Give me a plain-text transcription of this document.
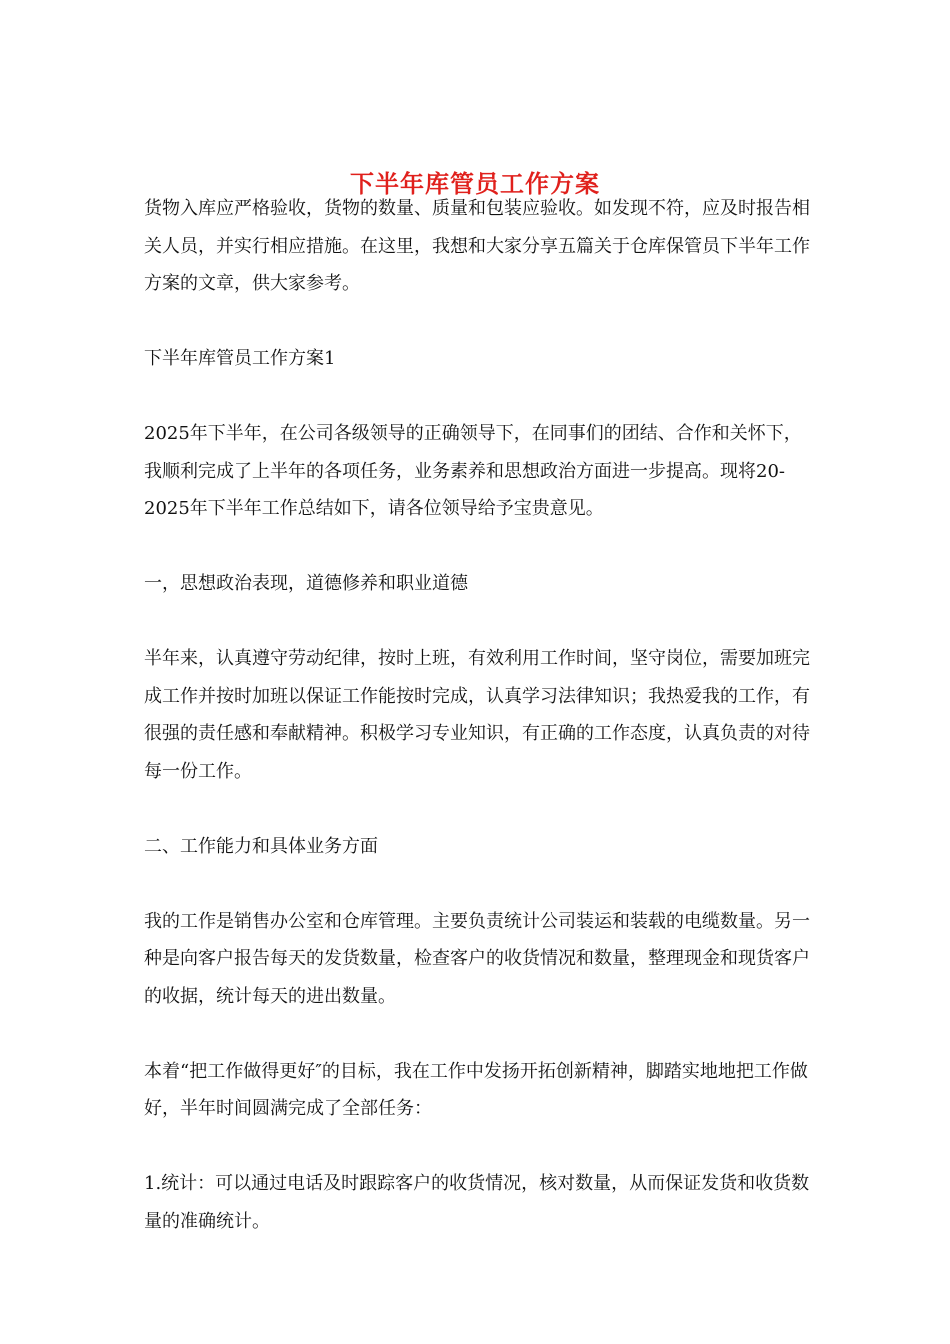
下半年库管员工作方案

货物入库应严格验收，货物的数量、质量和包装应验收。如发现不符，应及时报告相关人员，并实行相应措施。在这里，我想和大家分享五篇关于仓库保管员下半年工作方案的文章，供大家参考。

下半年库管员工作方案1

2025年下半年，在公司各级领导的正确领导下，在同事们的团结、合作和关怀下，我顺利完成了上半年的各项任务，业务素养和思想政治方面进一步提高。现将20-2025年下半年工作总结如下，请各位领导给予宝贵意见。

一，思想政治表现，道德修养和职业道德

半年来，认真遵守劳动纪律，按时上班，有效利用工作时间，坚守岗位，需要加班完成工作并按时加班以保证工作能按时完成，认真学习法律知识；我热爱我的工作，有很强的责任感和奉献精神。积极学习专业知识，有正确的工作态度，认真负责的对待每一份工作。

二、工作能力和具体业务方面

我的工作是销售办公室和仓库管理。主要负责统计公司装运和装载的电缆数量。另一种是向客户报告每天的发货数量，检查客户的收货情况和数量，整理现金和现货客户的收据，统计每天的进出数量。

本着“把工作做得更好″的目标，我在工作中发扬开拓创新精神，脚踏实地地把工作做好，半年时间圆满完成了全部任务：

1.统计：可以通过电话及时跟踪客户的收货情况，核对数量，从而保证发货和收货数量的准确统计。
